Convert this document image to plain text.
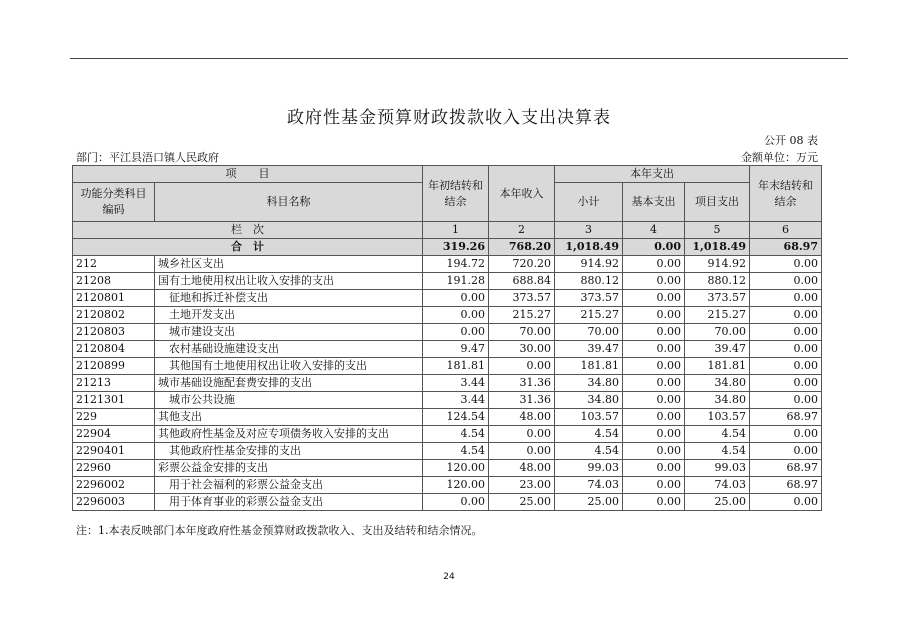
政府性基金预算财政拨款收入支出决算表
公开 08 表
部门：平江县浯口镇人民政府	金额单位：万元
项　　目		年初结转和结余	本年收入	本年支出			年末结转和结余
功能分类科目编码	科目名称			小计	基本支出	项目支出	

栏　次		1	2	3	4	5	6
合　计		319.26	768.20	1,018.49	0.00	1,018.49	68.97
212	城乡社区支出	194.72	720.20	914.92	0.00	914.92	0.00
21208	国有土地使用权出让收入安排的支出	191.28	688.84	880.12	0.00	880.12	0.00
2120801	征地和拆迁补偿支出	0.00	373.57	373.57	0.00	373.57	0.00
2120802	土地开发支出	0.00	215.27	215.27	0.00	215.27	0.00
2120803	城市建设支出	0.00	70.00	70.00	0.00	70.00	0.00
2120804	农村基础设施建设支出	9.47	30.00	39.47	0.00	39.47	0.00
2120899	其他国有土地使用权出让收入安排的支出	181.81	0.00	181.81	0.00	181.81	0.00
21213	城市基础设施配套费安排的支出	3.44	31.36	34.80	0.00	34.80	0.00
2121301	城市公共设施	3.44	31.36	34.80	0.00	34.80	0.00
229	其他支出	124.54	48.00	103.57	0.00	103.57	68.97
22904	其他政府性基金及对应专项债务收入安排的支出	4.54	0.00	4.54	0.00	4.54	0.00
2290401	其他政府性基金安排的支出	4.54	0.00	4.54	0.00	4.54	0.00
22960	彩票公益金安排的支出	120.00	48.00	99.03	0.00	99.03	68.97
2296002	用于社会福利的彩票公益金支出	120.00	23.00	74.03	0.00	74.03	68.97
2296003	用于体育事业的彩票公益金支出	0.00	25.00	25.00	0.00	25.00	0.00
注：1.本表反映部门本年度政府性基金预算财政拨款收入、支出及结转和结余情况。
24
